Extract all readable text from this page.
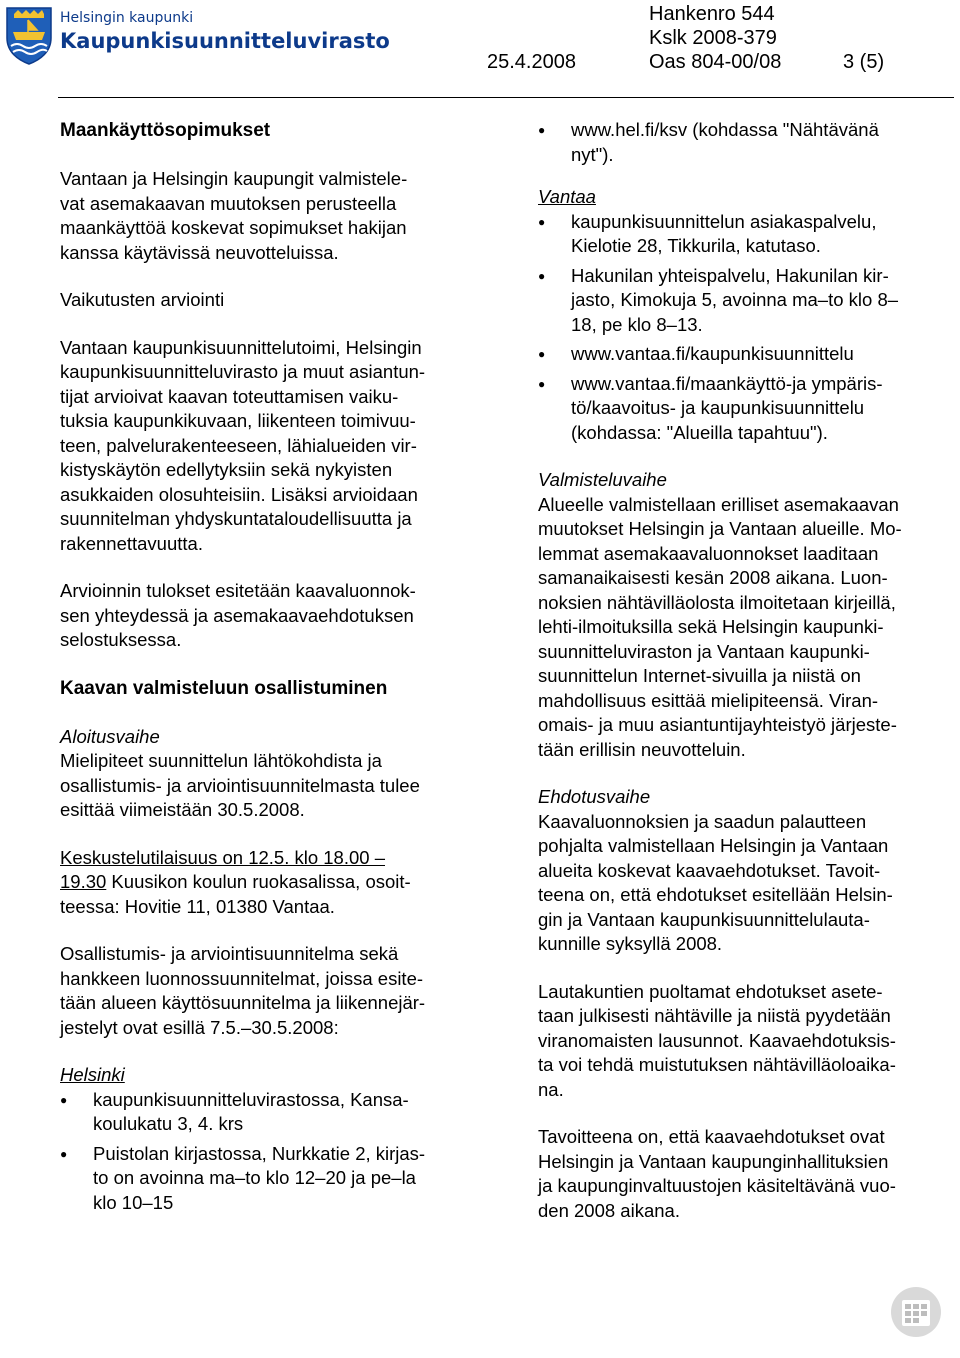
Helsingin kaupunki
Kaupunkisuunnitteluvirasto
Hankenro 544
Kslk 2008-379
25.4.2008	Oas 804-00/08	3 (5)
Maankäyttösopimukset

Vantaan ja Helsingin kaupungit valmistele-
vat asemakaavan muutoksen perusteella
maankäyttöä koskevat sopimukset hakijan
kanssa käytävissä neuvotteluissa.

Vaikutusten arviointi

Vantaan kaupunkisuunnittelutoimi, Helsingin
kaupunkisuunnitteluvirasto ja muut asiantun-
tijat arvioivat kaavan toteuttamisen vaiku-
tuksia kaupunkikuvaan, liikenteen toimivuu-
teen, palvelurakenteeseen, lähialueiden vir-
kistyskäytön edellytyksiin sekä nykyisten
asukkaiden olosuhteisiin. Lisäksi arvioidaan
suunnitelman yhdyskuntataloudellisuutta ja
rakennettavuutta.

Arvioinnin tulokset esitetään kaavaluonnok-
sen yhteydessä ja asemakaavaehdotuksen
selostuksessa.

Kaavan valmisteluun osallistuminen

Aloitusvaihe
Mielipiteet suunnittelun lähtökohdista ja
osallistumis- ja arviointisuunnitelmasta tulee
esittää viimeistään 30.5.2008.

Keskustelutilaisuus on 12.5. klo 18.00 –
19.30 Kuusikon koulun ruokasalissa, osoit-
teessa: Hovitie 11, 01380 Vantaa.

Osallistumis- ja arviointisuunnitelma sekä
hankkeen luonnossuunnitelmat, joissa esite-
tään alueen käyttösuunnitelma ja liikennejär-
jestelyt ovat esillä 7.5.–30.5.2008:

Helsinki
● kaupunkisuunnitteluvirastossa, Kansa-
koulukatu 3, 4. krs
● Puistolan kirjastossa, Nurkkatie 2, kirjas-
to on avoinna ma–to klo 12–20 ja pe–la
klo 10–15
● www.hel.fi/ksv (kohdassa "Nähtävänä
nyt").
Vantaa
● kaupunkisuunnittelun asiakaspalvelu,
Kielotie 28, Tikkurila, katutaso.
● Hakunilan yhteispalvelu, Hakunilan kir-
jasto, Kimokuja 5, avoinna ma–to klo 8–
18, pe klo 8–13.
● www.vantaa.fi/kaupunkisuunnittelu
● www.vantaa.fi/maankäyttö-ja ympäris-
tö/kaavoitus- ja kaupunkisuunnittelu
(kohdassa: "Alueilla tapahtuu").

Valmisteluvaihe
Alueelle valmistellaan erilliset asemakaavan
muutokset Helsingin ja Vantaan alueille. Mo-
lemmat asemakaavaluonnokset laaditaan
samanaikaisesti kesän 2008 aikana. Luon-
noksien nähtävilläolosta ilmoitetaan kirjeillä,
lehti-ilmoituksilla sekä Helsingin kaupunki-
suunnitteluviraston ja Vantaan kaupunki-
suunnittelun Internet-sivuilla ja niistä on
mahdollisuus esittää mielipiteensä. Viran-
omais- ja muu asiantuntijayhteistyö järjeste-
tään erillisin neuvotteluin.

Ehdotusvaihe
Kaavaluonnoksien ja saadun palautteen
pohjalta valmistellaan Helsingin ja Vantaan
alueita koskevat kaavaehdotukset. Tavoit-
teena on, että ehdotukset esitellään Helsin-
gin ja Vantaan kaupunkisuunnittelulauta-
kunnille syksyllä 2008.

Lautakuntien puoltamat ehdotukset asete-
taan julkisesti nähtäville ja niistä pyydetään
viranomaisten lausunnot. Kaavaehdotuksis-
ta voi tehdä muistutuksen nähtävilläoloaika-
na.

Tavoitteena on, että kaavaehdotukset ovat
Helsingin ja Vantaan kaupunginhallituksien
ja kaupunginvaltuustojen käsiteltävänä vuo-
den 2008 aikana.
